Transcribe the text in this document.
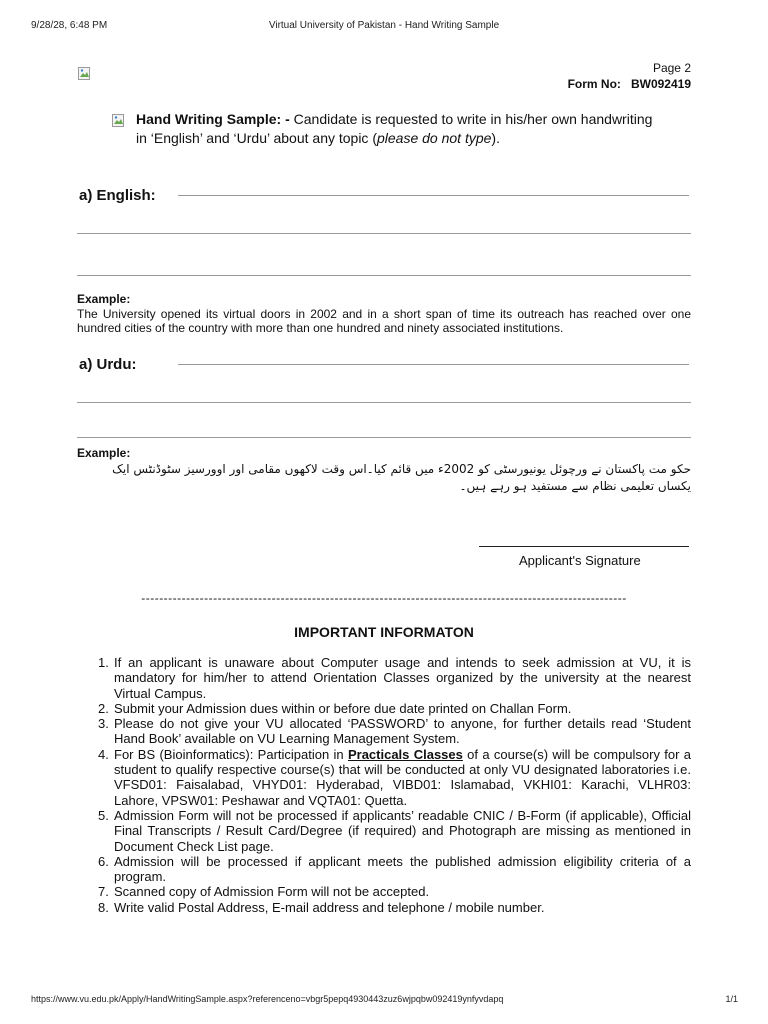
9/28/28, 6:48 PM	Virtual University of Pakistan - Hand Writing Sample
Page 2
Form No: BW092419
Hand Writing Sample: - Candidate is requested to write in his/her own handwriting in ‘English’ and ‘Urdu’ about any topic (please do not type).
a) English:
Example:
The University opened its virtual doors in 2002 and in a short span of time its outreach has reached over one hundred cities of the country with more than one hundred and ninety associated institutions.
a) Urdu:
Example:
حکو مت پاکستان نے ورچوئل یونیورسٹی کو 2002ء میں قائم کیا۔اس وقت لاکھوں مقامی اور اوورسیز سٹوڈنٹس ایک یکساں تعلیمی نظام سے مستفید ہو رہے ہیں۔
Applicant's Signature
------------------------------------------------------------------------------------------------------------
IMPORTANT INFORMATON
1. If an applicant is unaware about Computer usage and intends to seek admission at VU, it is mandatory for him/her to attend Orientation Classes organized by the university at the nearest Virtual Campus.
2. Submit your Admission dues within or before due date printed on Challan Form.
3. Please do not give your VU allocated ‘PASSWORD’ to anyone, for further details read ‘Student Hand Book’ available on VU Learning Management System.
4. For BS (Bioinformatics): Participation in Practicals Classes of a course(s) will be compulsory for a student to qualify respective course(s) that will be conducted at only VU designated laboratories i.e. VFSD01: Faisalabad, VHYD01: Hyderabad, VIBD01: Islamabad, VKHI01: Karachi, VLHR03: Lahore, VPSW01: Peshawar and VQTA01: Quetta.
5. Admission Form will not be processed if applicants’ readable CNIC / B-Form (if applicable), Official Final Transcripts / Result Card/Degree (if required) and Photograph are missing as mentioned in Document Check List page.
6. Admission will be processed if applicant meets the published admission eligibility criteria of a program.
7. Scanned copy of Admission Form will not be accepted.
8. Write valid Postal Address, E-mail address and telephone / mobile number.
https://www.vu.edu.pk/Apply/HandWritingSample.aspx?referenceno=vbgr5pepq4930443zuz6wjpqbw092419ynfyvdapq	1/1
